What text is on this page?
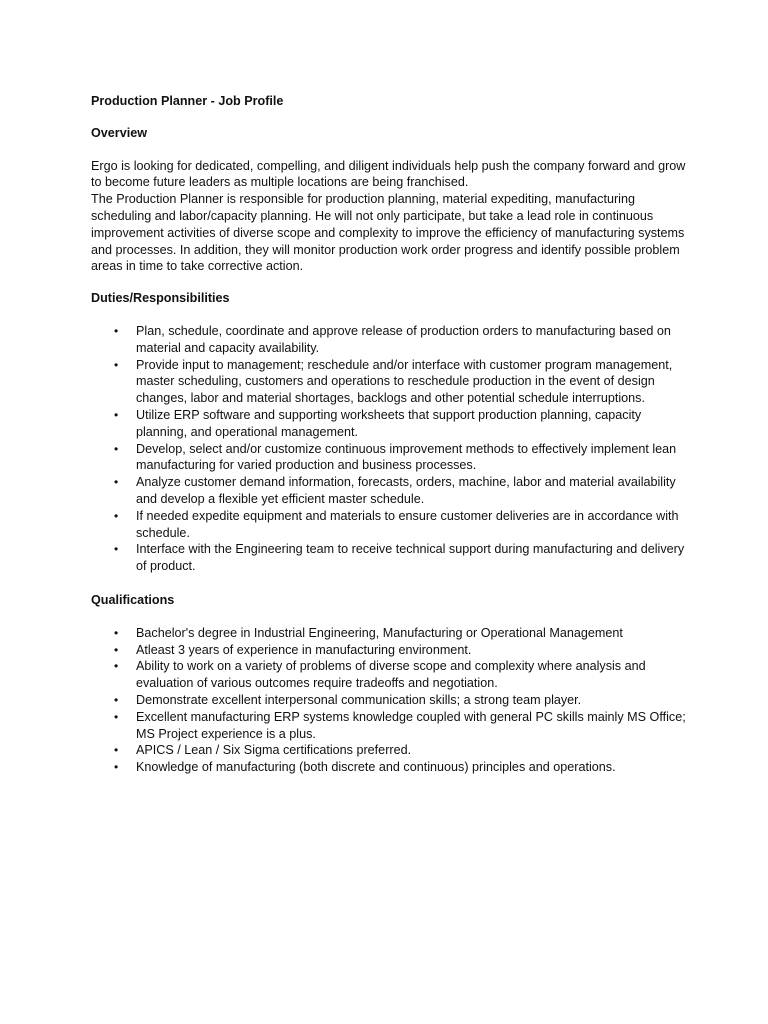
Production Planner - Job Profile
Overview

Ergo is looking for dedicated, compelling, and diligent individuals help push the company forward and grow to become future leaders as multiple locations are being franchised.

The Production Planner is responsible for production planning, material expediting, manufacturing scheduling and labor/capacity planning. He will not only participate, but take a lead role in continuous improvement activities of diverse scope and complexity to improve the efficiency of manufacturing systems and processes. In addition, they will monitor production work order progress and identify possible problem areas in time to take corrective action.

Duties/Responsibilities
• Plan, schedule, coordinate and approve release of production orders to manufacturing based on material and capacity availability.
• Provide input to management; reschedule and/or interface with customer program management, master scheduling, customers and operations to reschedule production in the event of design changes, labor and material shortages, backlogs and other potential schedule interruptions.
• Utilize ERP software and supporting worksheets that support production planning, capacity planning, and operational management.
• Develop, select and/or customize continuous improvement methods to effectively implement lean manufacturing for varied production and business processes.
• Analyze customer demand information, forecasts, orders, machine, labor and material availability and develop a flexible yet efficient master schedule.
• If needed expedite equipment and materials to ensure customer deliveries are in accordance with schedule.
• Interface with the Engineering team to receive technical support during manufacturing and delivery of product.
Qualifications
• Bachelor's degree in Industrial Engineering, Manufacturing or Operational Management
• Atleast 3 years of experience in manufacturing environment.
• Ability to work on a variety of problems of diverse scope and complexity where analysis and evaluation of various outcomes require tradeoffs and negotiation.
• Demonstrate excellent interpersonal communication skills; a strong team player.
• Excellent manufacturing ERP systems knowledge coupled with general PC skills mainly MS Office; MS Project experience is a plus.
• APICS / Lean / Six Sigma certifications preferred.
• Knowledge of manufacturing (both discrete and continuous) principles and operations.
